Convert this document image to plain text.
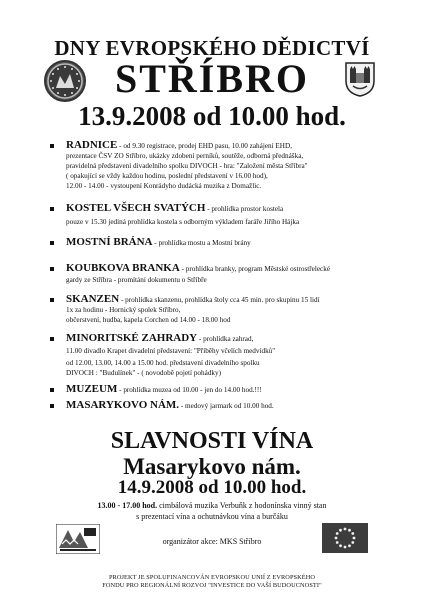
DNY EVROPSKÉHO DĚDICTVÍ
STŘÍBRO
13.9.2008 od 10.00 hod.
RADNICE - od 9.30 registrace, prodej EHD pasu, 10.00 zahájení EHD,
prezentace ČSV ZO Stříbro, ukázky zdobení perníků, soutěže, odborná přednáška,
pravidelná představení divadelního spolku DIVOCH - hra: "Založení města Stříbra"
( opakující se vždy každou hodinu, poslední představení v 16.00 hod),
12.00 - 14.00 - vystoupení Konrádyho dudácká muzika z Domažlic.
KOSTEL VŠECH SVATÝCH - prohlídka prostor kostela
pouze v 15.30 jediná prohlídka kostela s odborným výkladem faráře Jiřího Hájka
MOSTNÍ BRÁNA - prohlídka mostu a Mostní brány
KOUBKOVA BRANKA - prohlídka branky, program Městské ostrostřelecké
gardy ze Stříbra - promítání dokumentu o Stříbře
SKANZEN - prohlídka skanzenu, prohlídka štoly cca 45 min. pro skupinu 15 lidí
1x za hodinu - Hornický spolek Stříbro,
občerstvení, hudba, kapela Corchen od 14.00 - 18.00 hod
MINORITSKÉ ZAHRADY - prohlídka zahrad,
11.00 divadlo Krapet divadelní představení: "Příběhy včelích medvídků"
od 12.00, 13.00, 14.00 a 15.00 hod. představení divadelního spolku
DIVOCH : "Budulínek" - ( novodobě pojetí pohádky)
MUZEUM - prohlídka muzea od 10.00 - jen do 14.00 hod.!!!
MASARYKOVO NÁM. - medový jarmark od 10.00 hod.
SLAVNOSTI VÍNA
Masarykovo nám.
14.9.2008 od 10.00 hod.
13.00 - 17.00 hod. cimbálová muzika Verbuňk z hodonínska vinný stan
s prezentací vína a ochutnávkou vína a burčáku
organizátor akce: MKS Stříbro
PROJEKT JE SPOLUFINANCOVÁN EVROPSKOU UNIÍ Z EVROPSKÉHO
FONDU PRO REGIONÁLNÍ ROZVOJ "INVESTICE DO VAŠÍ BUDOUCNOSTI"
